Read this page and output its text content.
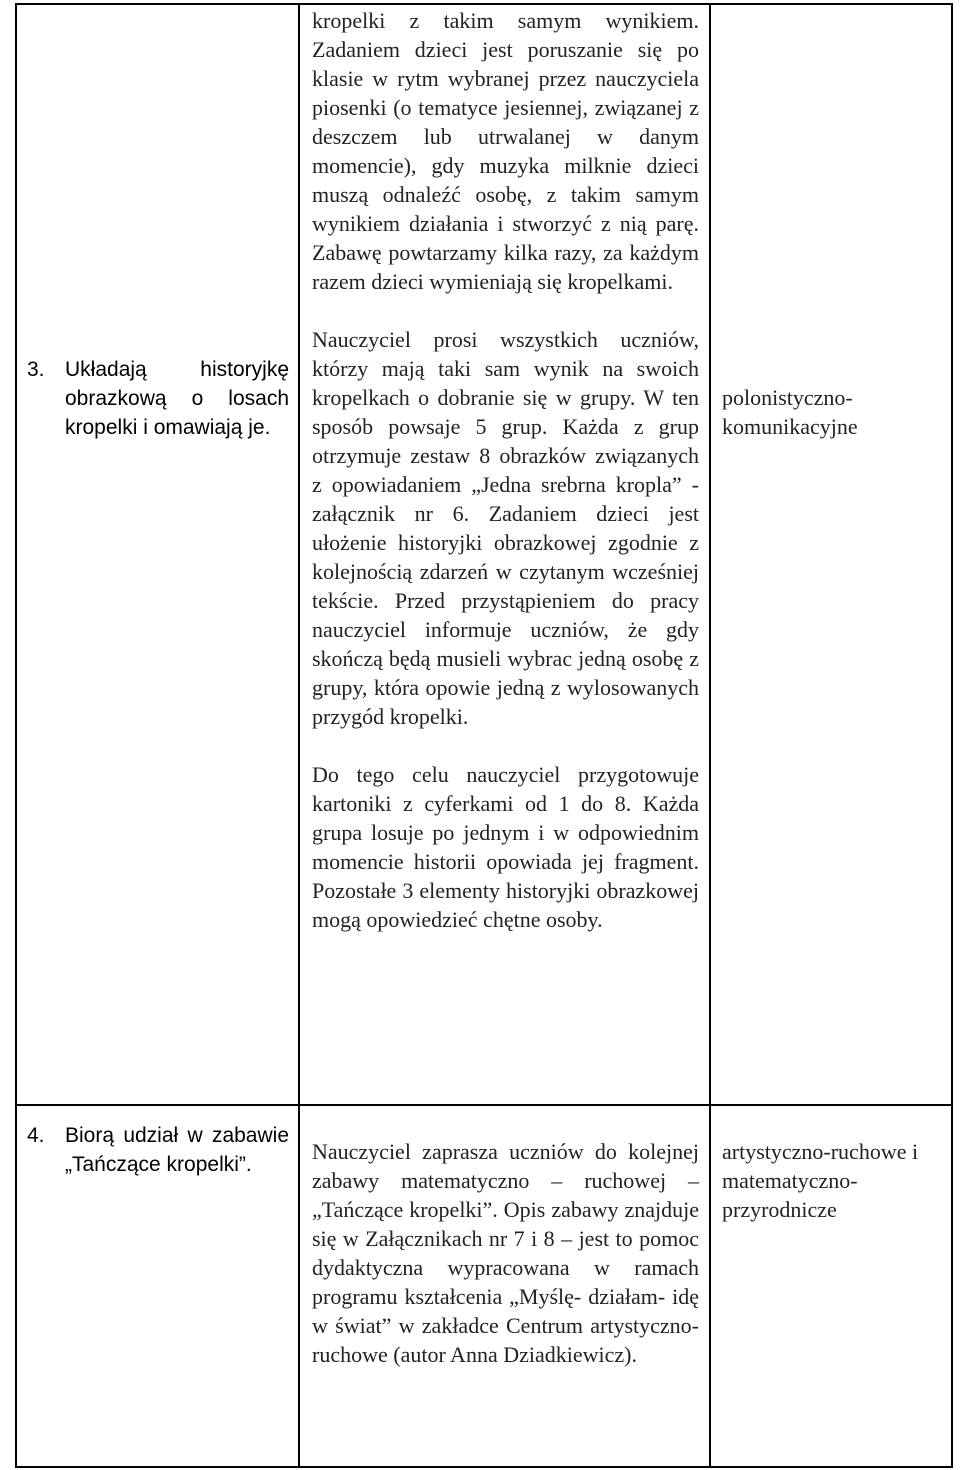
3. Układają historyjkę obrazkową o losach kropelki i omawiają je.

kropelki z takim samym wynikiem. Zadaniem dzieci jest poruszanie się po klasie w rytm wybranej przez nauczyciela piosenki (o tematyce jesiennej, związanej z deszczem lub utrwalanej w danym momencie), gdy muzyka milknie dzieci muszą odnaleźć osobę, z takim samym wynikiem działania i stworzyć z nią parę. Zabawę powtarzamy kilka razy, za każdym razem dzieci wymieniają się kropelkami.

Nauczyciel prosi wszystkich uczniów, którzy mają taki sam wynik na swoich kropelkach o dobranie się w grupy. W ten sposób powsaje 5 grup. Każda z grup otrzymuje zestaw 8 obrazków związanych z opowiadaniem „Jedna srebrna kropla” - załącznik nr 6. Zadaniem dzieci jest ułożenie historyjki obrazkowej zgodnie z kolejnością zdarzeń w czytanym wcześniej tekście. Przed przystąpieniem do pracy nauczyciel informuje uczniów, że gdy skończą będą musieli wybrac jedną osobę z grupy, która opowie jedną z wylosowanych przygód kropelki.

Do tego celu nauczyciel przygotowuje kartoniki z cyferkami od 1 do 8. Każda grupa losuje po jednym i w odpowiednim momencie historii opowiada jej fragment. Pozostałe 3 elementy historyjki obrazkowej mogą opowiedzieć chętne osoby.

polonistyczno-komunikacyjne
4. Biorą udział w zabawie „Tańczące kropelki”.

Nauczyciel zaprasza uczniów do kolejnej zabawy matematyczno – ruchowej – „Tańczące kropelki”. Opis zabawy znajduje się w Załącznikach nr 7 i 8 – jest to pomoc dydaktyczna wypracowana w ramach programu kształcenia „Myślę- działam- idę w świat” w zakładce Centrum artystyczno-ruchowe (autor Anna Dziadkiewicz).

artystyczno-ruchowe i matematyczno-przyrodnicze
